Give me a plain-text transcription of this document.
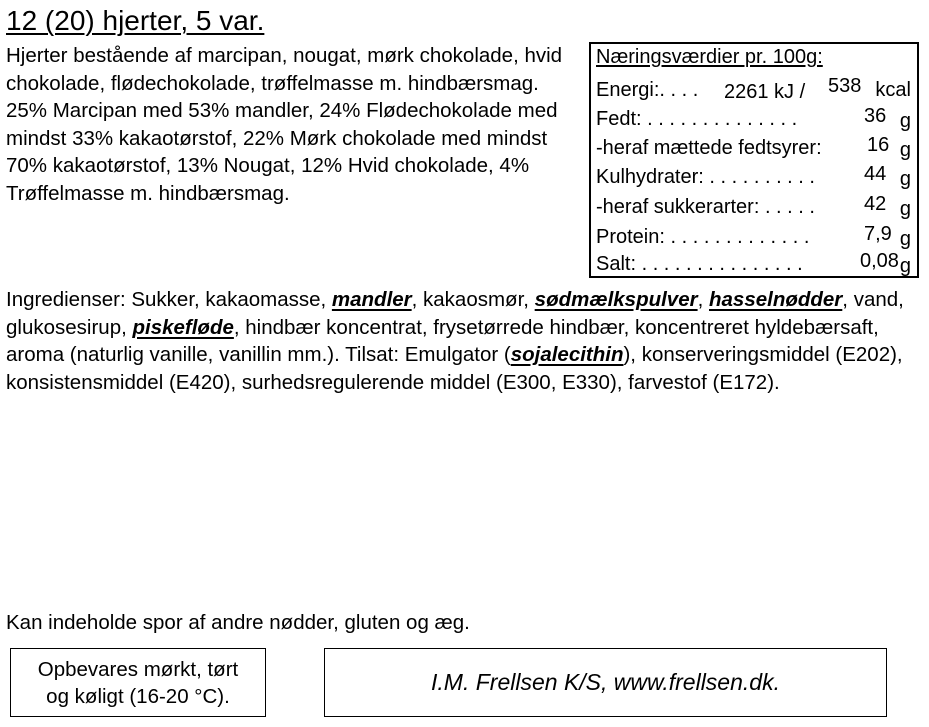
12 (20) hjerter, 5 var.

Hjerter bestående af marcipan, nougat, mørk chokolade, hvid chokolade, flødechokolade, trøffelmasse m. hindbærsmag.

25% Marcipan med 53% mandler, 24% Flødechokolade med mindst 33% kakaotørstof, 22% Mørk chokolade med mindst 70% kakaotørstof, 13% Nougat, 12% Hvid chokolade, 4% Trøffelmasse m. hindbærsmag.

Næringsværdier pr. 100g:
Energi:. . . . 2261 kJ / 538 kcal
Fedt: . . . . . . . . . . . . . .	36 g
-heraf mættede fedtsyrer: 16 g
Kulhydrater: . . . . . . . . . . 44 g
-heraf sukkerarter: . . . . . 42 g
Protein: . . . . . . . . . . . . .	7,9 g
Salt: . . . . . . . . . . . . . . .	0,08 g
Ingredienser: Sukker, kakaomasse, mandler, kakaosmør, sødmælkspulver, hasselnødder, vand, glukosesirup, piskefløde, hindbær koncentrat, frysetørrede hindbær, koncentreret hyldebærsaft, aroma (naturlig vanille, vanillin mm.). Tilsat: Emulgator (sojalecithin), konserveringsmiddel (E202), konsistensmiddel (E420), surhedsregulerende middel (E300, E330), farvestof (E172).
Kan indeholde spor af andre nødder, gluten og æg.
Opbevares mørkt, tørt
og køligt (16-20 °C).
I.M. Frellsen K/S, www.frellsen.dk.
